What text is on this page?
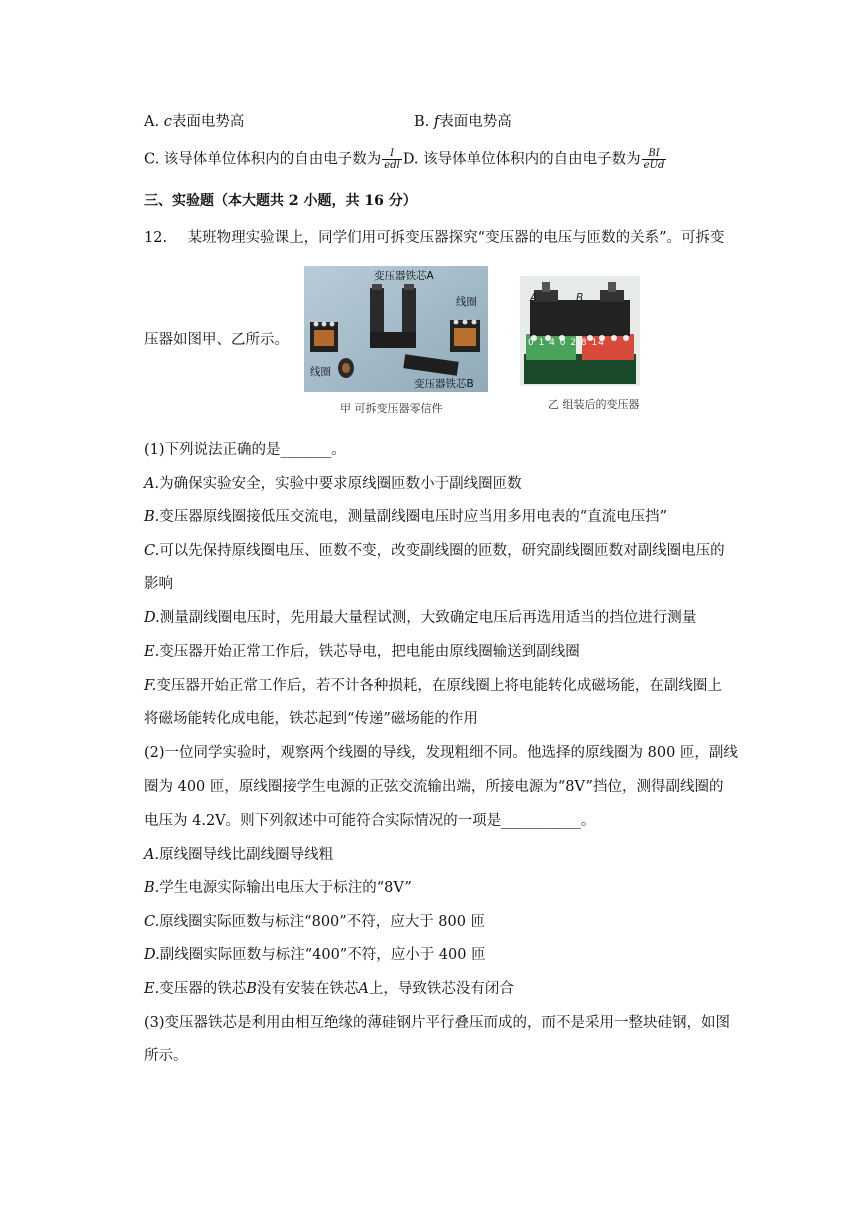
A. c表面电势高	B. f表面电势高
C. 该导体单位体积内的自由电子数为 $\frac{I}{\text{edl}} D$. 该导体单位体积内的自由电子数为 $\frac{BI}{\text{eUd}}$
三、实验题（本大题共 2 小题，共 16 分）
12. 某班物理实验课上，同学们用可拆变压器探究“变压器的电压与匝数的关系”。可拆变
压器如图甲、乙所示。
变压器铁芯A
线圈
线圈
变压器铁芯B
甲 可拆变压器零信件
A	B
0 1 4 0 2 8 14
乙 组装后的变压器
(1)下列说法正确的是_______。
A.为确保实验安全，实验中要求原线圈匝数小于副线圈匝数
B.变压器原线圈接低压交流电，测量副线圈电压时应当用多用电表的“直流电压挡”
C.可以先保持原线圈电压、匝数不变，改变副线圈的匝数，研究副线圈匝数对副线圈电压的
影响
D.测量副线圈电压时，先用最大量程试测，大致确定电压后再选用适当的挡位进行测量
E.变压器开始正常工作后，铁芯导电，把电能由原线圈输送到副线圈
F.变压器开始正常工作后，若不计各种损耗，在原线圈上将电能转化成磁场能，在副线圈上
将磁场能转化成电能，铁芯起到“传递”磁场能的作用
(2)一位同学实验时，观察两个线圈的导线，发现粗细不同。他选择的原线圈为 800 匝，副线
圈为 400 匝，原线圈接学生电源的正弦交流输出端，所接电源为“8V”挡位，测得副线圈的
电压为 4.2V。则下列叙述中可能符合实际情况的一项是___________。
A.原线圈导线比副线圈导线粗
B.学生电源实际输出电压大于标注的“8V”
C.原线圈实际匝数与标注“800”不符，应大于 800 匝
D.副线圈实际匝数与标注“400”不符，应小于 400 匝
E.变压器的铁芯B没有安装在铁芯A上，导致铁芯没有闭合
(3)变压器铁芯是利用由相互绝缘的薄硅钢片平行叠压而成的，而不是采用一整块硅钢，如图
所示。
